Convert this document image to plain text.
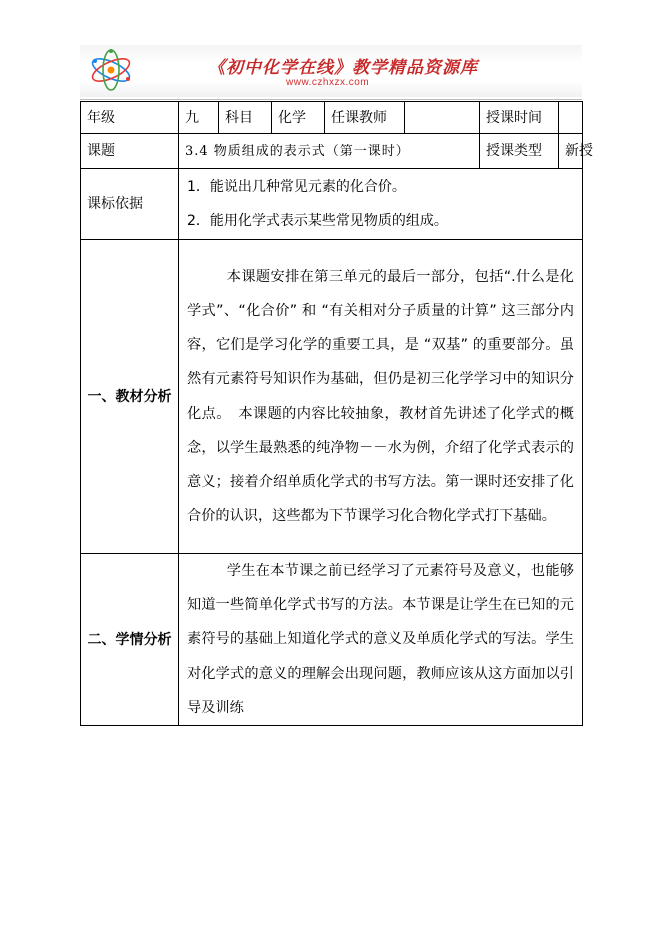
《初中化学在线》教学精品资源库
www.czhxzx.com
年级	九	科目	化学	任课教师		授课时间	
课题	3.4 物质组成的表示式（第一课时）					授课类型	新授
课标依据	1．能说出几种常见元素的化合价。
2．能用化学式表示某些常见物质的组成。						

一、教材分析	本课题安排在第三单元的最后一部分，包括“.什么是化学式”、“化合价” 和 “有关相对分子质量的计算” 这三部分内容，它们是学习化学的重要工具，是 “双基” 的重要部分。虽然有元素符号知识作为基础，但仍是初三化学学习中的知识分化点。　本课题的内容比较抽象，教材首先讲述了化学式的概念，以学生最熟悉的纯净物－－水为例，介绍了化学式表示的意义；接着介绍单质化学式的书写方法。第一课时还安排了化合价的认识，这些都为下节课学习化合物化学式打下基础。						

二、学情分析	学生在本节课之前已经学习了元素符号及意义，也能够知道一些简单化学式书写的方法。本节课是让学生在已知的元素符号的基础上知道化学式的意义及单质化学式的写法。学生对化学式的意义的理解会出现问题，教师应该从这方面加以引导及训练						
